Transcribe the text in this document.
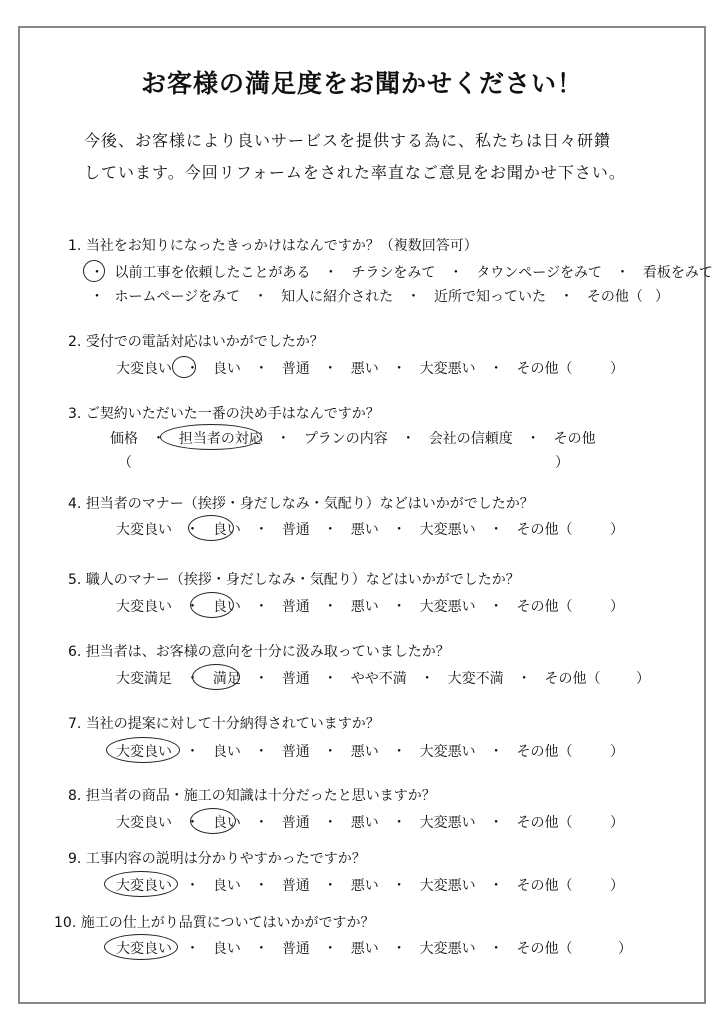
お客様の満足度をお聞かせください！
今後、お客様により良いサービスを提供する為に、私たちは日々研鑽
しています。今回リフォームをされた率直なご意見をお聞かせ下さい。
1. 当社をお知りになったきっかけはなんですか？（複数回答可）
・ 以前工事を依頼したことがある ・ チラシをみて ・ タウンページをみて ・ 看板をみて
・ ホームページをみて ・ 知人に紹介された ・ 近所で知っていた ・ その他（ ）
2. 受付での電話対応はいかがでしたか？
大変良い ・ 良い ・ 普通 ・ 悪い ・ 大変悪い ・ その他（	）
3. ご契約いただいた一番の決め手はなんですか？
価格 ・ 担当者の対応 ・ プランの内容 ・ 会社の信頼度 ・ その他
（	）
4. 担当者のマナー（挨拶・身だしなみ・気配り）などはいかがでしたか？
大変良い ・ 良い ・ 普通 ・ 悪い ・ 大変悪い ・ その他（	）
5. 職人のマナー（挨拶・身だしなみ・気配り）などはいかがでしたか？
大変良い ・ 良い ・ 普通 ・ 悪い ・ 大変悪い ・ その他（	）
6. 担当者は、お客様の意向を十分に汲み取っていましたか？
大変満足 ・ 満足 ・ 普通 ・ やや不満 ・ 大変不満 ・ その他（	）
7. 当社の提案に対して十分納得されていますか？
大変良い ・ 良い ・ 普通 ・ 悪い ・ 大変悪い ・ その他（	）
8. 担当者の商品・施工の知識は十分だったと思いますか？
大変良い ・ 良い ・ 普通 ・ 悪い ・ 大変悪い ・ その他（	）
9. 工事内容の説明は分かりやすかったですか？
大変良い ・ 良い ・ 普通 ・ 悪い ・ 大変悪い ・ その他（	）
10. 施工の仕上がり品質についてはいかがですか？
大変良い ・ 良い ・ 普通 ・ 悪い ・ 大変悪い ・ その他（	）
